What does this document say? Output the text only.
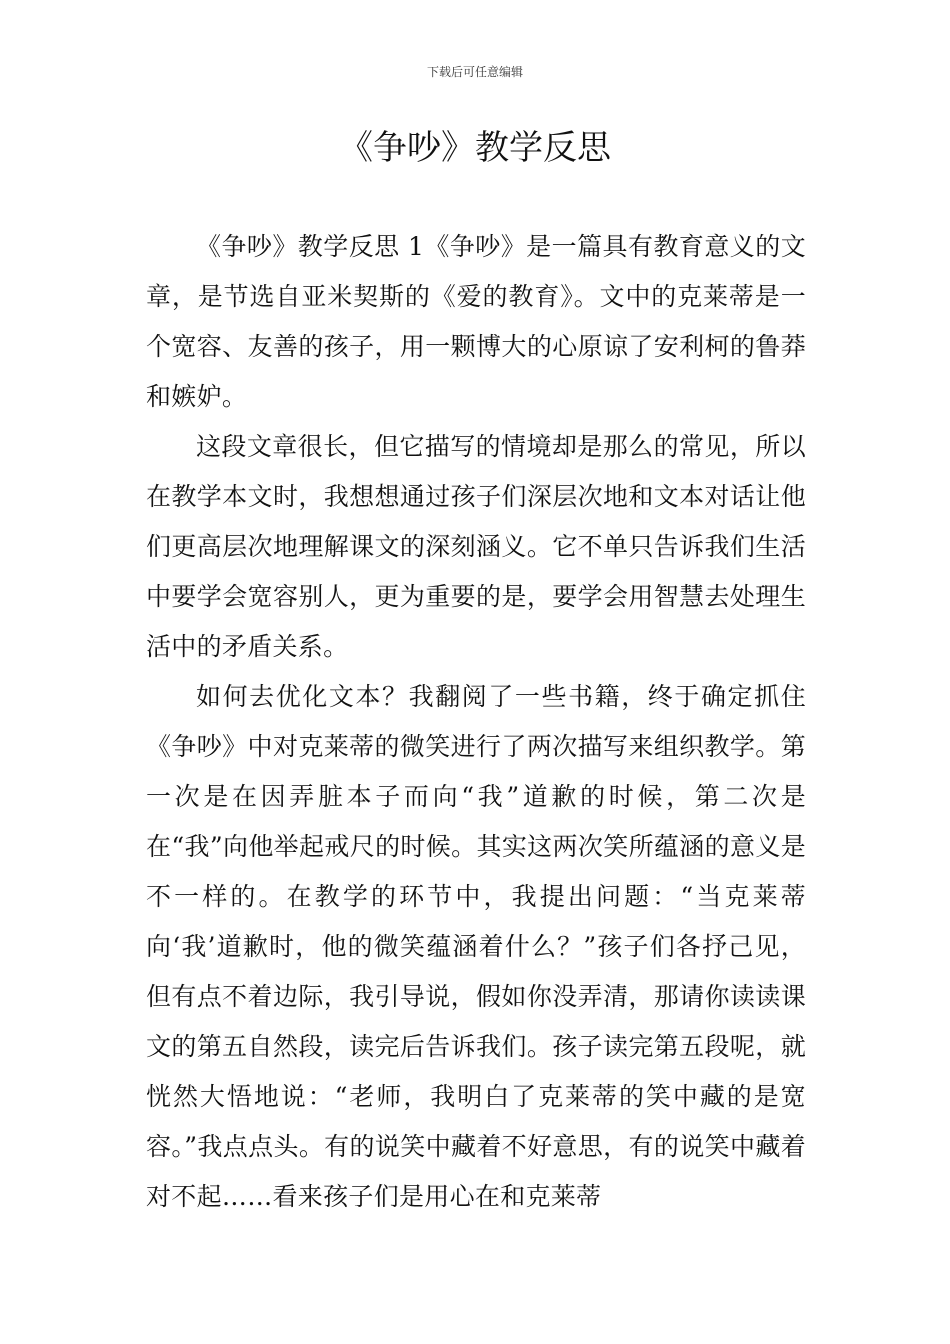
下载后可任意编辑
《争吵》教学反思

《争吵》教学反思 1《争吵》是一篇具有教育意义的文章，是节选自亚米契斯的《爱的教育》。文中的克莱蒂是一个宽容、友善的孩子，用一颗博大的心原谅了安利柯的鲁莽和嫉妒。

这段文章很长，但它描写的情境却是那么的常见，所以在教学本文时，我想想通过孩子们深层次地和文本对话让他们更高层次地理解课文的深刻涵义。它不单只告诉我们生活中要学会宽容别人，更为重要的是，要学会用智慧去处理生活中的矛盾关系。

如何去优化文本？我翻阅了一些书籍，终于确定抓住《争吵》中对克莱蒂的微笑进行了两次描写来组织教学。第一次是在因弄脏本子而向“我”道歉的时候，第二次是在“我”向他举起戒尺的时候。其实这两次笑所蕴涵的意义是不一样的。在教学的环节中，我提出问题：“当克莱蒂向‘我’道歉时，他的微笑蕴涵着什么？”孩子们各抒己见，但有点不着边际，我引导说，假如你没弄清，那请你读读课文的第五自然段，读完后告诉我们。孩子读完第五段呢，就恍然大悟地说：“老师，我明白了克莱蒂的笑中藏的是宽容。”我点点头。有的说笑中藏着不好意思，有的说笑中藏着对不起……看来孩子们是用心在和克莱蒂
